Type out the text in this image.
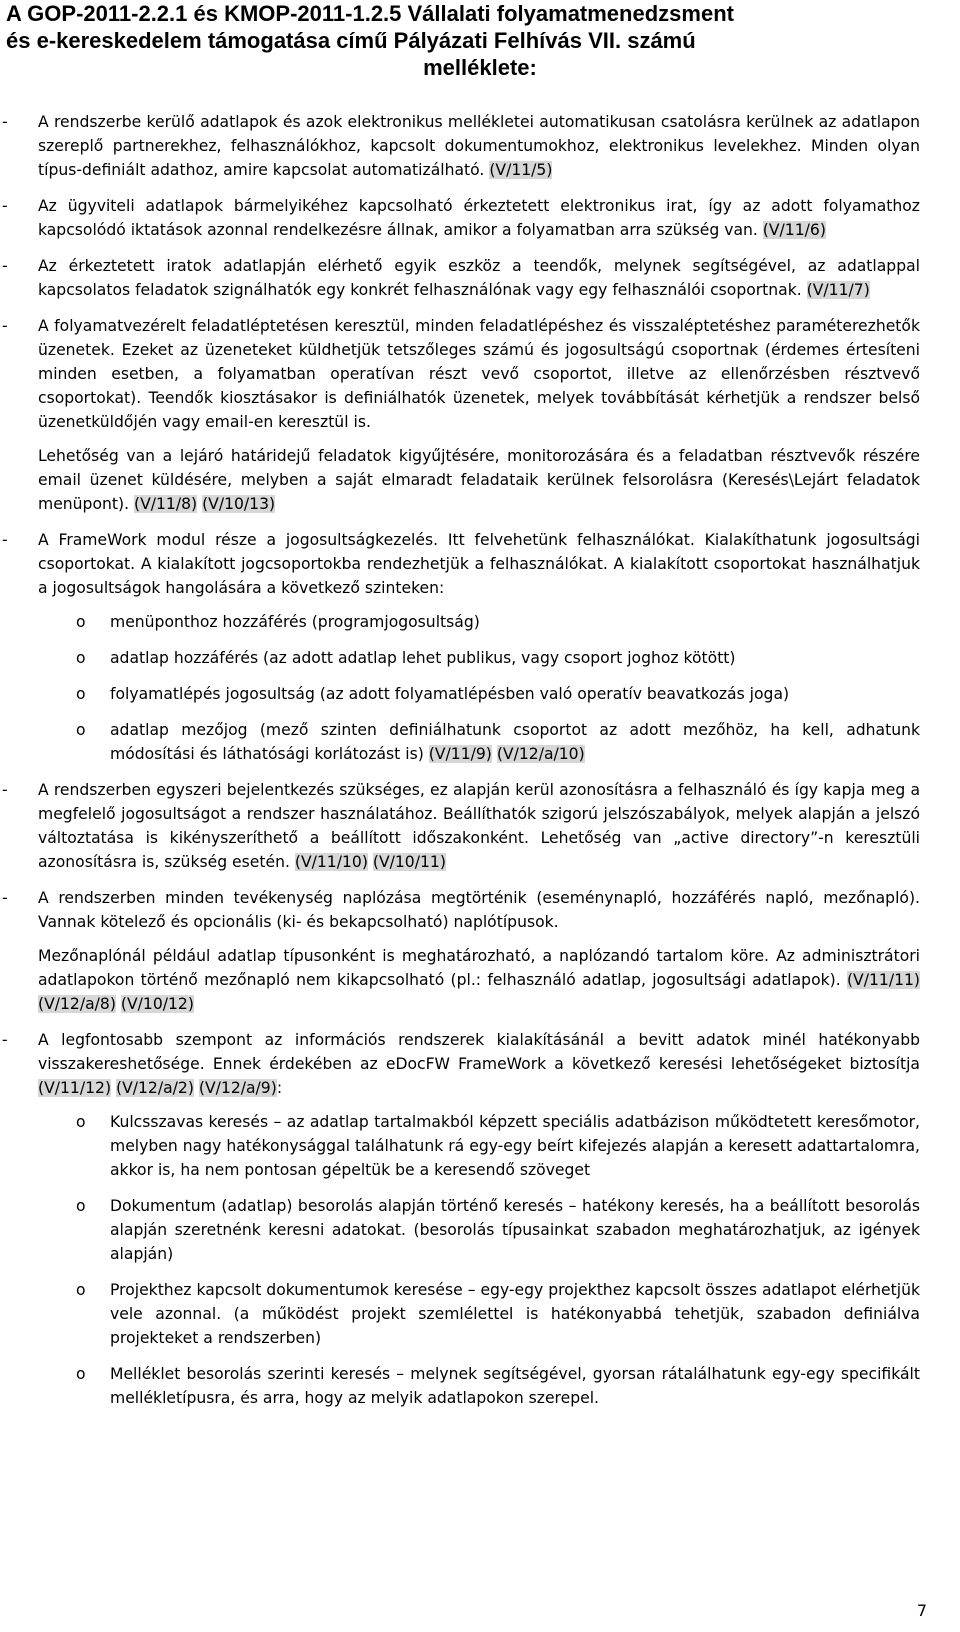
A GOP-2011-2.2.1 és KMOP-2011-1.2.5 Vállalati folyamatmenedzsment
és e-kereskedelem támogatása című Pályázati Felhívás VII. számú
melléklete:
- A rendszerbe kerülő adatlapok és azok elektronikus mellékletei automatikusan csatolásra kerülnek az adatlapon szereplő partnerekhez, felhasználókhoz, kapcsolt dokumentumokhoz, elektronikus levelekhez. Minden olyan típus-definiált adathoz, amire kapcsolat automatizálható. (V/11/5)
- Az ügyviteli adatlapok bármelyikéhez kapcsolható érkeztetett elektronikus irat, így az adott folyamathoz kapcsolódó iktatások azonnal rendelkezésre állnak, amikor a folyamatban arra szükség van. (V/11/6)
- Az érkeztetett iratok adatlapján elérhető egyik eszköz a teendők, melynek segítségével, az adatlappal kapcsolatos feladatok szignálhatók egy konkrét felhasználónak vagy egy felhasználói csoportnak. (V/11/7)
- A folyamatvezérelt feladatléptetésen keresztül, minden feladatlépéshez és visszaléptetéshez paraméterezhetők üzenetek. Ezeket az üzeneteket küldhetjük tetszőleges számú és jogosultságú csoportnak (érdemes értesíteni minden esetben, a folyamatban operatívan részt vevő csoportot, illetve az ellenőrzésben résztvevő csoportokat). Teendők kiosztásakor is definiálhatók üzenetek, melyek továbbítását kérhetjük a rendszer belső üzenetküldőjén vagy email-en keresztül is.
Lehetőség van a lejáró határidejű feladatok kigyűjtésére, monitorozására és a feladatban résztvevők részére email üzenet küldésére, melyben a saját elmaradt feladataik kerülnek felsorolásra (Keresés\Lejárt feladatok menüpont). (V/11/8) (V/10/13)
- A FrameWork modul része a jogosultságkezelés. Itt felvehetünk felhasználókat. Kialakíthatunk jogosultsági csoportokat. A kialakított jogcsoportokba rendezhetjük a felhasználókat. A kialakított csoportokat használhatjuk a jogosultságok hangolására a következő szinteken:
o menüponthoz hozzáférés (programjogosultság)
o adatlap hozzáférés (az adott adatlap lehet publikus, vagy csoport joghoz kötött)
o folyamatlépés jogosultság (az adott folyamatlépésben való operatív beavatkozás joga)
o adatlap mezőjog (mező szinten definiálhatunk csoportot az adott mezőhöz, ha kell, adhatunk módosítási és láthatósági korlátozást is) (V/11/9) (V/12/a/10)
- A rendszerben egyszeri bejelentkezés szükséges, ez alapján kerül azonosításra a felhasználó és így kapja meg a megfelelő jogosultságot a rendszer használatához. Beállíthatók szigorú jelszószabályok, melyek alapján a jelszó változtatása is kikényszeríthető a beállított időszakonként. Lehetőség van „active directory”-n keresztüli azonosításra is, szükség esetén. (V/11/10) (V/10/11)
- A rendszerben minden tevékenység naplózása megtörténik (eseménynapló, hozzáférés napló, mezőnapló). Vannak kötelező és opcionális (ki- és bekapcsolható) naplótípusok.
Mezőnaplónál például adatlap típusonként is meghatározható, a naplózandó tartalom köre. Az adminisztrátori adatlapokon történő mezőnapló nem kikapcsolható (pl.: felhasználó adatlap, jogosultsági adatlapok). (V/11/11) (V/12/a/8) (V/10/12)
- A legfontosabb szempont az információs rendszerek kialakításánál a bevitt adatok minél hatékonyabb visszakereshetősége. Ennek érdekében az eDocFW FrameWork a következő keresési lehetőségeket biztosítja (V/11/12) (V/12/a/2) (V/12/a/9):
o Kulcsszavas keresés – az adatlap tartalmakból képzett speciális adatbázison működtetett keresőmotor, melyben nagy hatékonysággal találhatunk rá egy-egy beírt kifejezés alapján a keresett adattartalomra, akkor is, ha nem pontosan gépeltük be a keresendő szöveget
o Dokumentum (adatlap) besorolás alapján történő keresés – hatékony keresés, ha a beállított besorolás alapján szeretnénk keresni adatokat. (besorolás típusainkat szabadon meghatározhatjuk, az igények alapján)
o Projekthez kapcsolt dokumentumok keresése – egy-egy projekthez kapcsolt összes adatlapot elérhetjük vele azonnal. (a működést projekt szemlélettel is hatékonyabbá tehetjük, szabadon definiálva projekteket a rendszerben)
o Melléklet besorolás szerinti keresés – melynek segítségével, gyorsan rátalálhatunk egy-egy specifikált mellékletípusra, és arra, hogy az melyik adatlapokon szerepel.
7
